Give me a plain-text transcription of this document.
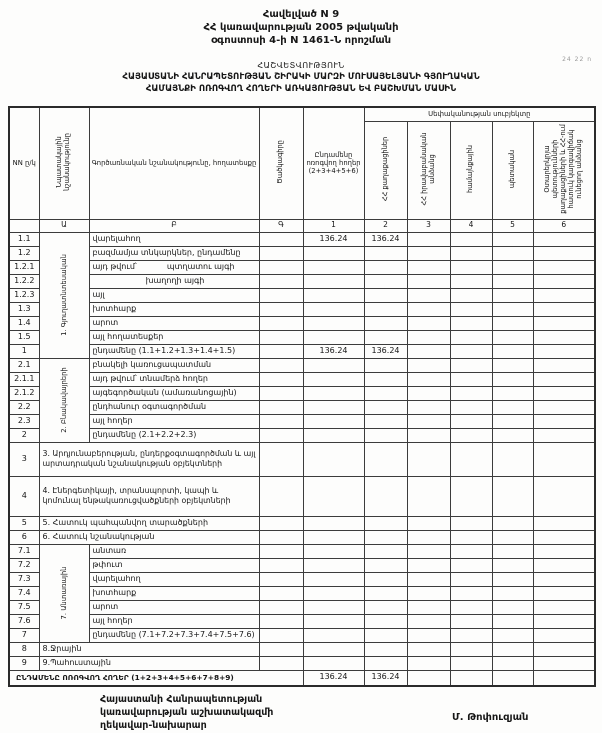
Հավելված N 9
ՀՀ կառավարության 2005 թվականի
օգոստոսի 4-ի N 1461-Ն որոշման
24 22 ո
ՀԱՇՎԵՏՎՈՒԹՅՈՒՆ
ՀԱՅԱՍՏԱՆԻ ՀԱՆՐԱՊԵՏՈՒԹՅԱՆ ՇԻՐԱԿԻ ՄԱՐԶԻ ՄՈՒՍԱՅԵԼՅԱՆԻ ԳՅՈՒՂԱԿԱՆ
ՀԱՄԱՅՆՔԻ ՈՌՈԳՎՈՂ ՀՈՂԵՐԻ ԱՌԿԱՅՈՒԹՅԱՆ ԵՎ ԲԱՇԽՄԱՆ ՄԱՍԻՆ
NN ը/կ	Նպատակային նշանակությունը	Գործառնական նշանակությունը, հողատեսքը	Ծածկագիրը	Ընդամենը ոռոգվող հողեր (2+3+4+5+6)	Սեփականության սուբյեկտը				

ՀՀ քաղաքացիներ	ՀՀ իրավաբանական անձանց	համայնքային	պետական	Օտարերկրյա պետությունների քաղաքացիների և ՀՀ-ում հատուկ կարգավիճակ ունեցող անձանց

	Ա	Բ	Գ	1	2	3	4	5	6
1.1	1. Գյուղատնտեսական	վարելահող		136.24	136.24				
1.2		բազմամյա տնկարկներ, ընդամենը							
1.2.1		այդ թվում՝ պտղատու այգի							
1.2.2		խաղողի այգի							
1.2.3		այլ							
1.3		խոտհարք							
1.4		արոտ							
1.5		այլ հողատեսքեր							
1		ընդամենը (1.1+1.2+1.3+1.4+1.5)		136.24	136.24				
2.1	2. Բնակավայրերի	բնակելի կառուցապատման							
2.1.1		այդ թվում՝ տնամերձ հողեր							
2.1.2		այգեգործական (ամառանոցային)							
2.2		ընդհանուր օգտագործման							
2.3		այլ հողեր							
2		ընդամենը (2.1+2.2+2.3)							
3	3. Արդյունաբերության, ընդերքօգտագործման և այլ արտադրական նշանակության օբյեկտների								
4	4. Էներգետիկայի, տրանսպորտի, կապի և կոմունալ ենթակառուցվածքների օբյեկտների								
5	5. Հատուկ պահպանվող տարածքների								
6	6. Հատուկ նշանակության								
7.1	7. Անտառային	անտառ							
7.2		թփուտ							
7.3		վարելահող							
7.4		խոտհարք							
7.5		արոտ							
7.6		այլ հողեր							
7		ընդամենը (7.1+7.2+7.3+7.4+7.5+7.6)							
8	8.Ջրային								
9	9.Պահուստային								
ԸՆԴԱՄԵՆԸ ՈՌՈԳՎՈՂ ՀՈՂԵՐ (1+2+3+4+5+6+7+8+9)				136.24	136.24				
Հայաստանի Հանրապետության
կառավարության աշխատակազմի
ղեկավար-նախարար
Մ. Թոփուզյան
